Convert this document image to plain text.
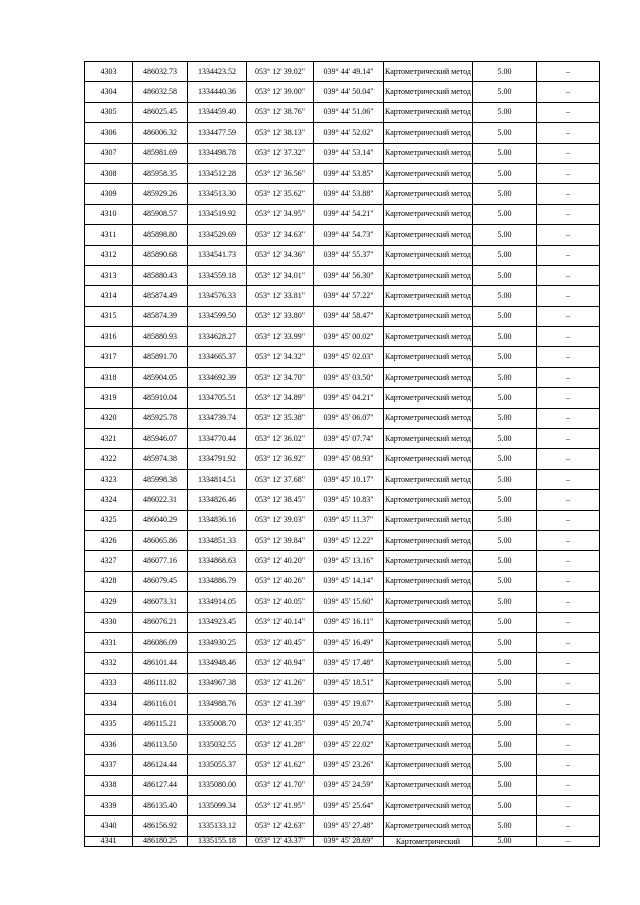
4303	486032.73	1334423.52	053° 12' 39.02"	039° 44' 49.14"	Картометрический метод	5.00	–
4304	486032.58	1334440.36	053° 12' 39.00"	039° 44' 50.04"	Картометрический метод	5.00	–
4305	486025.45	1334459.40	053° 12' 38.76"	039° 44' 51.06"	Картометрический метод	5.00	–
4306	486006.32	1334477.59	053° 12' 38.13"	039° 44' 52.02"	Картометрический метод	5.00	–
4307	485981.69	1334498.78	053° 12' 37.32"	039° 44' 53.14"	Картометрический метод	5.00	–
4308	485958.35	1334512.28	053° 12' 36.56"	039° 44' 53.85"	Картометрический метод	5.00	–
4309	485929.26	1334513.30	053° 12' 35.62"	039° 44' 53.88"	Картометрический метод	5.00	–
4310	485908.57	1334519.92	053° 12' 34.95"	039° 44' 54.21"	Картометрический метод	5.00	–
4311	485898.80	1334529.69	053° 12' 34.63"	039° 44' 54.73"	Картометрический метод	5.00	–
4312	485890.68	1334541.73	053° 12' 34.36"	039° 44' 55.37"	Картометрический метод	5.00	–
4313	485880.43	1334559.18	053° 12' 34.01"	039° 44' 56.30"	Картометрический метод	5.00	–
4314	485874.49	1334576.33	053° 12' 33.81"	039° 44' 57.22"	Картометрический метод	5.00	–
4315	485874.39	1334599.50	053° 12' 33.80"	039° 44' 58.47"	Картометрический метод	5.00	–
4316	485880.93	1334628.27	053° 12' 33.99"	039° 45' 00.02"	Картометрический метод	5.00	–
4317	485891.70	1334665.37	053° 12' 34.32"	039° 45' 02.03"	Картометрический метод	5.00	–
4318	485904.05	1334692.39	053° 12' 34.70"	039° 45' 03.50"	Картометрический метод	5.00	–
4319	485910.04	1334705.51	053° 12' 34.89"	039° 45' 04.21"	Картометрический метод	5.00	–
4320	485925.78	1334739.74	053° 12' 35.38"	039° 45' 06.07"	Картометрический метод	5.00	–
4321	485946.07	1334770.44	053° 12' 36.02"	039° 45' 07.74"	Картометрический метод	5.00	–
4322	485974.38	1334791.92	053° 12' 36.92"	039° 45' 08.93"	Картометрический метод	5.00	–
4323	485998.38	1334814.51	053° 12' 37.68"	039° 45' 10.17"	Картометрический метод	5.00	–
4324	486022.31	1334826.46	053° 12' 38.45"	039° 45' 10.83"	Картометрический метод	5.00	–
4325	486040.29	1334836.16	053° 12' 39.03"	039° 45' 11.37"	Картометрический метод	5.00	–
4326	486065.86	1334851.33	053° 12' 39.84"	039° 45' 12.22"	Картометрический метод	5.00	–
4327	486077.16	1334868.63	053° 12' 40.20"	039° 45' 13.16"	Картометрический метод	5.00	–
4328	486079.45	1334886.79	053° 12' 40.26"	039° 45' 14.14"	Картометрический метод	5.00	–
4329	486073.31	1334914.05	053° 12' 40.05"	039° 45' 15.60"	Картометрический метод	5.00	–
4330	486076.21	1334923.45	053° 12' 40.14"	039° 45' 16.11"	Картометрический метод	5.00	–
4331	486086.09	1334930.25	053° 12' 40.45"	039° 45' 16.49"	Картометрический метод	5.00	–
4332	486101.44	1334948.46	053° 12' 40.94"	039° 45' 17.48"	Картометрический метод	5.00	–
4333	486111.82	1334967.38	053° 12' 41.26"	039° 45' 18.51"	Картометрический метод	5.00	–
4334	486116.01	1334988.76	053° 12' 41.39"	039° 45' 19.67"	Картометрический метод	5.00	–
4335	486115.21	1335008.70	053° 12' 41.35"	039° 45' 20.74"	Картометрический метод	5.00	–
4336	486113.50	1335032.55	053° 12' 41.28"	039° 45' 22.02"	Картометрический метод	5.00	–
4337	486124.44	1335055.37	053° 12' 41.62"	039° 45' 23.26"	Картометрический метод	5.00	–
4338	486127.44	1335080.00	053° 12' 41.70"	039° 45' 24.59"	Картометрический метод	5.00	–
4339	486135.40	1335099.34	053° 12' 41.95"	039° 45' 25.64"	Картометрический метод	5.00	–
4340	486156.92	1335133.12	053° 12' 42.63"	039° 45' 27.48"	Картометрический метод	5.00	–
4341	486180.25	1335155.18	053° 12' 43.37"	039° 45' 28.69"	Картометрический	5.00	–
